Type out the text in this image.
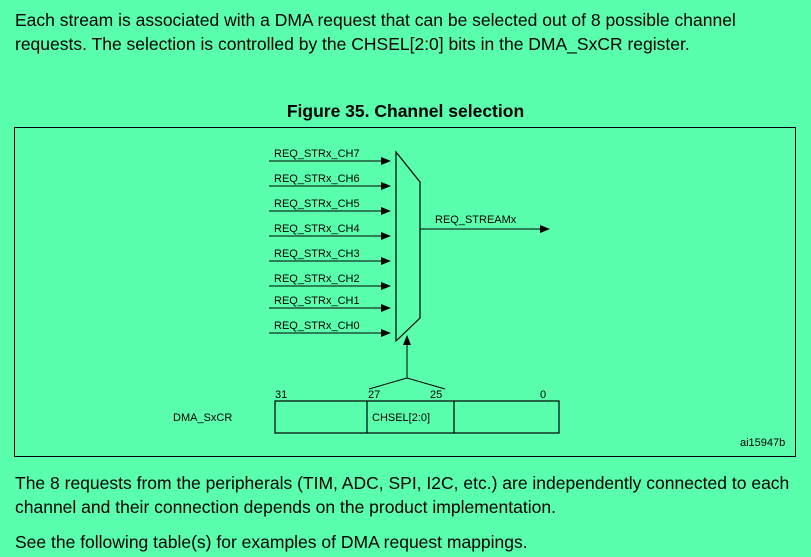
Each stream is associated with a DMA request that can be selected out of 8 possible channel requests. The selection is controlled by the CHSEL[2:0] bits in the DMA_SxCR register.

Figure 35. Channel selection
REQ_STRx_CH7
REQ_STRx_CH6
REQ_STRx_CH5
REQ_STRx_CH4
REQ_STRx_CH3
REQ_STRx_CH2
REQ_STRx_CH1
REQ_STRx_CH0
REQ_STREAMx
31	27	25	0
CHSEL[2:0]
DMA_SxCR
ai15947b

The 8 requests from the peripherals (TIM, ADC, SPI, I2C, etc.) are independently connected to each channel and their connection depends on the product implementation.

See the following table(s) for examples of DMA request mappings.
